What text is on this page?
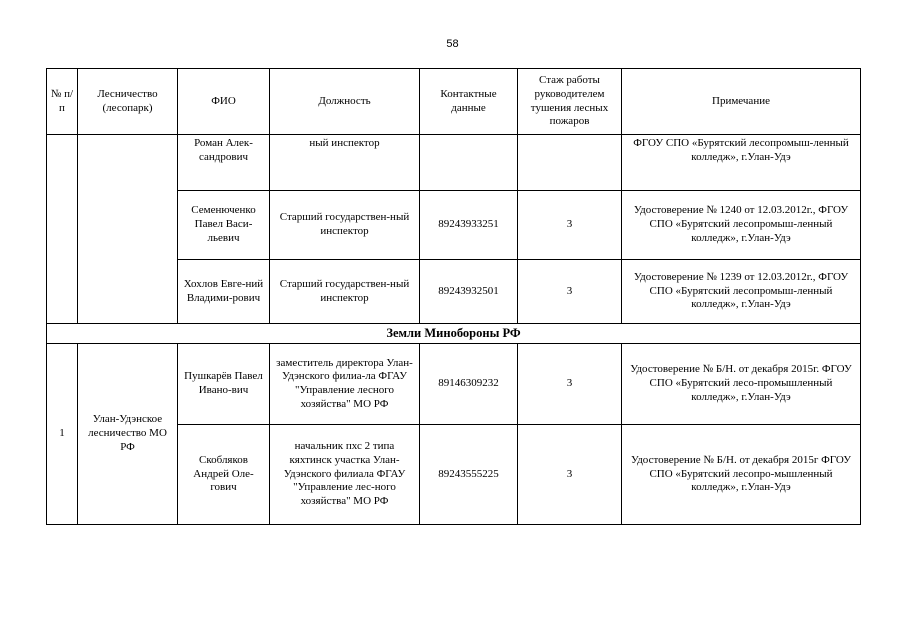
58
№ п/п	Лесничество (лесопарк)	ФИО	Должность	Контактные данные	Стаж работы руководителем тушения лесных пожаров	Примечание
		Роман Алек-сандрович	ный инспектор			ФГОУ СПО «Бурятский лесопромыш-ленный колледж», г.Улан-Удэ
		Семенюченко Павел Васи-льевич	Старший государствен-ный инспектор	89243933251	3	Удостоверение № 1240 от 12.03.2012г., ФГОУ СПО «Бурятский лесопромыш-ленный колледж», г.Улан-Удэ
		Хохлов Евге-ний Владими-рович	Старший государствен-ный инспектор	89243932501	3	Удостоверение № 1239 от 12.03.2012г., ФГОУ СПО «Бурятский лесопромыш-ленный колледж», г.Улан-Удэ
Земли Минобороны РФ						
1	Улан-Удэнское лесничество МО РФ	Пушкарёв Павел Ивано-вич	заместитель директора Улан-Удэнского филиа-ла ФГАУ "Управление лесного хозяйства" МО РФ	89146309232	3	Удостоверение № Б/Н. от декабря 2015г. ФГОУ СПО «Бурятский лесо-промышленный колледж», г.Улан-Удэ
		Скобляков Андрей Оле-гович	начальник пхс 2 типа кяхтинск участка Улан-Удэнского филиала ФГАУ "Управление лес-ного хозяйства" МО РФ	89243555225	3	Удостоверение № Б/Н. от декабря 2015г ФГОУ СПО «Бурятский лесопро-мышленный колледж», г.Улан-Удэ
